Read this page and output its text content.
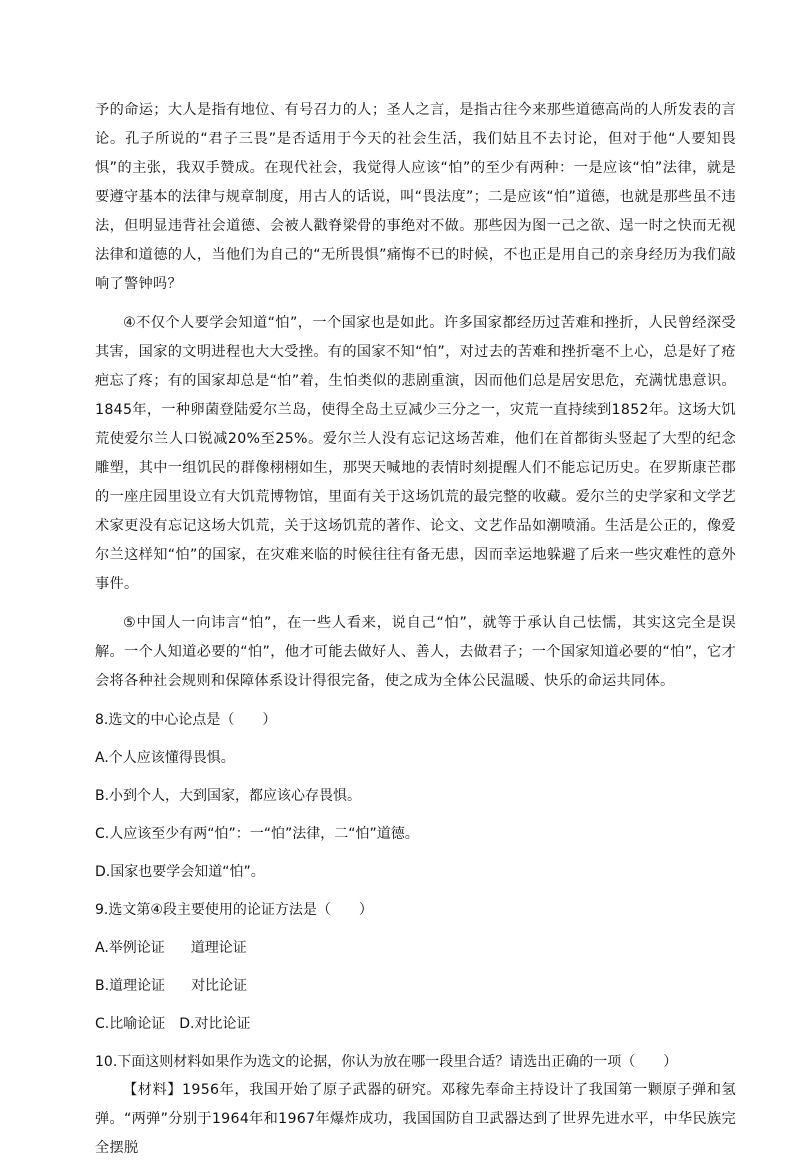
予的命运；大人是指有地位、有号召力的人；圣人之言，是指古往今来那些道德高尚的人所发表的言论。孔子所说的“君子三畏”是否适用于今天的社会生活，我们姑且不去讨论，但对于他“人要知畏惧”的主张，我双手赞成。在现代社会，我觉得人应该“怕”的至少有两种：一是应该“怕”法律，就是要遵守基本的法律与规章制度，用古人的话说，叫“畏法度”；二是应该“怕”道德，也就是那些虽不违法，但明显违背社会道德、会被人戳脊梁骨的事绝对不做。那些因为图一己之欲、逞一时之快而无视法律和道德的人，当他们为自己的“无所畏惧”痛悔不已的时候，不也正是用自己的亲身经历为我们敲响了警钟吗？

④不仅个人要学会知道“怕”，一个国家也是如此。许多国家都经历过苦难和挫折，人民曾经深受其害，国家的文明进程也大大受挫。有的国家不知“怕”，对过去的苦难和挫折毫不上心，总是好了疮疤忘了疼；有的国家却总是“怕”着，生怕类似的悲剧重演，因而他们总是居安思危，充满忧患意识。1845年，一种卵菌登陆爱尔兰岛，使得全岛土豆减少三分之一，灾荒一直持续到1852年。这场大饥荒使爱尔兰人口锐减20%至25%。爱尔兰人没有忘记这场苦难，他们在首都街头竖起了大型的纪念雕塑，其中一组饥民的群像栩栩如生，那哭天喊地的表情时刻提醒人们不能忘记历史。在罗斯康芒郡的一座庄园里设立有大饥荒博物馆，里面有关于这场饥荒的最完整的收藏。爱尔兰的史学家和文学艺术家更没有忘记这场大饥荒，关于这场饥荒的著作、论文、文艺作品如潮喷涌。生活是公正的，像爱尔兰这样知“怕”的国家，在灾难来临的时候往往有备无患，因而幸运地躲避了后来一些灾难性的意外事件。

⑤中国人一向讳言“怕”，在一些人看来，说自己“怕”，就等于承认自己怯懦，其实这完全是误解。一个人知道必要的“怕”，他才可能去做好人、善人，去做君子；一个国家知道必要的“怕”，它才会将各种社会规则和保障体系设计得很完备，使之成为全体公民温暖、快乐的命运共同体。

8.选文的中心论点是（　　）

A.个人应该懂得畏惧。

B.小到个人，大到国家，都应该心存畏惧。

C.人应该至少有两“怕”：一“怕”法律，二“怕”道德。

D.国家也要学会知道“怕”。

9.选文第④段主要使用的论证方法是（　　）

A.举例论证 道理论证

B.道理论证 对比论证

C.比喻论证 D.对比论证

10.下面这则材料如果作为选文的论据，你认为放在哪一段里合适？请选出正确的一项（　　）

【材料】1956年，我国开始了原子武器的研究。邓稼先奉命主持设计了我国第一颗原子弹和氢弹。“两弹”分别于1964年和1967年爆炸成功，我国国防自卫武器达到了世界先进水平，中华民族完全摆脱
